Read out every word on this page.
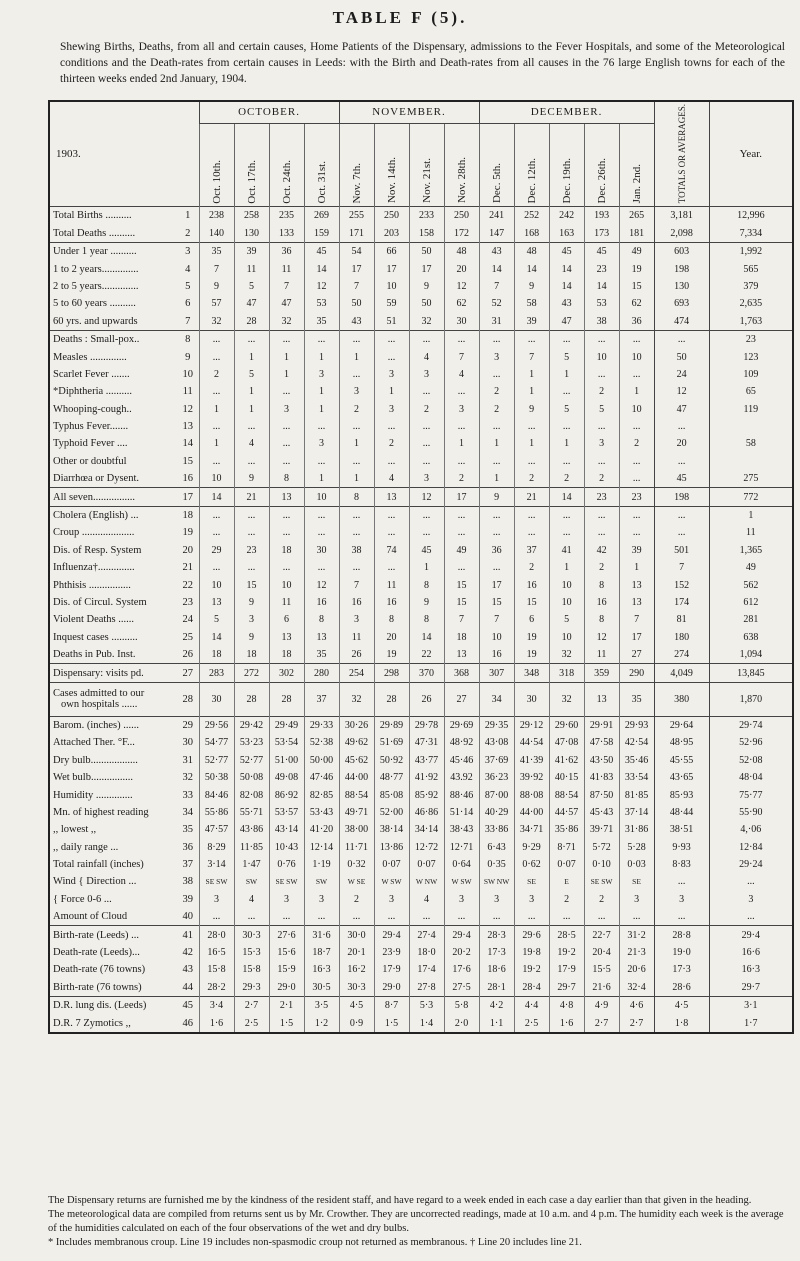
TABLE F (5).
Shewing Births, Deaths, from all and certain causes, Home Patients of the Dispensary, admissions to the Fever Hospitals, and some of the Meteorological conditions and the Death-rates from certain causes in Leeds: with the Birth and Death-rates from all causes in the 76 large English towns for each of the thirteen weeks ended 2nd January, 1904.
1903.		OCTOBER.				NOVEMBER.				DECEMBER.					TOTALS OR AVERAGES.	Year.
		Oct. 10th.	Oct. 17th.	Oct. 24th.	Oct. 31st.	Nov. 7th.	Nov. 14th.	Nov. 21st.	Nov. 28th.	Dec. 5th.	Dec. 12th.	Dec. 19th.	Dec. 26th.	Jan. 2nd.		
Total Births ..........	1	238	258	235	269	255	250	233	250	241	252	242	193	265	3,181	12,996
Total Deaths ..........	2	140	130	133	159	171	203	158	172	147	168	163	173	181	2,098	7,334
Under 1 year ..........	3	35	39	36	45	54	66	50	48	43	48	45	45	49	603	1,992
1 to 2 years..............	4	7	11	11	14	17	17	17	20	14	14	14	23	19	198	565
2 to 5 years..............	5	9	5	7	12	7	10	9	12	7	9	14	14	15	130	379
5 to 60 years ..........	6	57	47	47	53	50	59	50	62	52	58	43	53	62	693	2,635
60 yrs. and upwards	7	32	28	32	35	43	51	32	30	31	39	47	38	36	474	1,763
Deaths : Small-pox..	8	...	...	...	...	...	...	...	...	...	...	...	...	...	...	23
Measles ..............	9	...	1	1	1	1	...	4	7	3	7	5	10	10	50	123
Scarlet Fever .......	10	2	5	1	3	...	3	3	4	...	1	1	...	...	24	109
*Diphtheria ..........	11	...	1	...	1	3	1	...	...	2	1	...	2	1	12	65
Whooping-cough..	12	1	1	3	1	2	3	2	3	2	9	5	5	10	47	119
Typhus Fever.......	13	...	...	...	...	...	...	...	...	...	...	...	...	...	...	
Typhoid Fever ....	14	1	4	...	3	1	2	...	1	1	1	1	3	2	20	58
Other or doubtful	15	...	...	...	...	...	...	...	...	...	...	...	...	...	...	
Diarrhœa or Dysent.	16	10	9	8	1	1	4	3	2	1	2	2	2	...	45	275
All seven................	17	14	21	13	10	8	13	12	17	9	21	14	23	23	198	772
Cholera (English) ...	18	...	...	...	...	...	...	...	...	...	...	...	...	...	...	1
Croup ....................	19	...	...	...	...	...	...	...	...	...	...	...	...	...	...	11
Dis. of Resp. System	20	29	23	18	30	38	74	45	49	36	37	41	42	39	501	1,365
Influenza†..............	21	...	...	...	...	...	...	1	...	...	2	1	2	1	7	49
Phthisis ................	22	10	15	10	12	7	11	8	15	17	16	10	8	13	152	562
Dis. of Circul. System	23	13	9	11	16	16	16	9	15	15	15	10	16	13	174	612
Violent Deaths ......	24	5	3	6	8	3	8	8	7	7	6	5	8	7	81	281
Inquest cases ..........	25	14	9	13	13	11	20	14	18	10	19	10	12	17	180	638
Deaths in Pub. Inst.	26	18	18	18	35	26	19	22	13	16	19	32	11	27	274	1,094
Dispensary: visits pd.	27	283	272	302	280	254	298	370	368	307	348	318	359	290	4,049	13,845

Cases admitted to our
own hospitals ......	28	30	28	28	37	32	28	26	27	34	30	32	13	35	380	1,870
Barom. (inches) ......	29	29·56	29·42	29·49	29·33	30·26	29·89	29·78	29·69	29·35	29·12	29·60	29·91	29·93	29·64	29·74
Attached Ther. °F...	30	54·77	53·23	53·54	52·38	49·62	51·69	47·31	48·92	43·08	44·54	47·08	47·58	42·54	48·95	52·96
Dry bulb..................	31	52·77	52·77	51·00	50·00	45·62	50·92	43·77	45·46	37·69	41·39	41·62	43·50	35·46	45·55	52·08
Wet bulb................	32	50·38	50·08	49·08	47·46	44·00	48·77	41·92	43.92	36·23	39·92	40·15	41·83	33·54	43·65	48·04
Humidity ..............	33	84·46	82·08	86·92	82·85	88·54	85·08	85·92	88·46	87·00	88·08	88·54	87·50	81·85	85·93	75·77
Mn. of highest reading	34	55·86	55·71	53·57	53·43	49·71	52·00	46·86	51·14	40·29	44·00	44·57	45·43	37·14	48·44	55·90
,, lowest ,,	35	47·57	43·86	43·14	41·20	38·00	38·14	34·14	38·43	33·86	34·71	35·86	39·71	31·86	38·51	4,·06
,, daily range ...	36	8·29	11·85	10·43	12·14	11·71	13·86	12·72	12·71	6·43	9·29	8·71	5·72	5·28	9·93	12·84
Total rainfall (inches)	37	3·14	1·47	0·76	1·19	0·32	0·07	0·07	0·64	0·35	0·62	0·07	0·10	0·03	8·83	29·24
Wind { Direction ...	38	SE SW	SW	SE SW	SW	W SE	W SW	W NW	W SW	SW NW	SE	E	SE SW	SE	...	...
{ Force 0-6 ...	39	3	4	3	3	2	3	4	3	3	3	2	2	3	3	3
Amount of Cloud	40	...	...	...	...	...	...	...	...	...	...	...	...	...	...	...
Birth-rate (Leeds) ...	41	28·0	30·3	27·6	31·6	30·0	29·4	27·4	29·4	28·3	29·6	28·5	22·7	31·2	28·8	29·4
Death-rate (Leeds)...	42	16·5	15·3	15·6	18·7	20·1	23·9	18·0	20·2	17·3	19·8	19·2	20·4	21·3	19·0	16·6
Death-rate (76 towns)	43	15·8	15·8	15·9	16·3	16·2	17·9	17·4	17·6	18·6	19·2	17·9	15·5	20·6	17·3	16·3
Birth-rate (76 towns)	44	28·2	29·3	29·0	30·5	30·3	29·0	27·8	27·5	28·1	28·4	29·7	21·6	32·4	28·6	29·7
D.R. lung dis. (Leeds)	45	3·4	2·7	2·1	3·5	4·5	8·7	5·3	5·8	4·2	4·4	4·8	4·9	4·6	4·5	3·1
D.R. 7 Zymotics ,,	46	1·6	2·5	1·5	1·2	0·9	1·5	1·4	2·0	1·1	2·5	1·6	2·7	2·7	1·8	1·7

The Dispensary returns are furnished me by the kindness of the resident staff, and have regard to a week ended in each case a day earlier than that given in the heading.

The meteorological data are compiled from returns sent us by Mr. Crowther. They are uncorrected readings, made at 10 a.m. and 4 p.m. The humidity each week is the average of the humidities calculated on each of the four observations of the wet and dry bulbs.

* Includes membranous croup. Line 19 includes non-spasmodic croup not returned as membranous. † Line 20 includes line 21.
